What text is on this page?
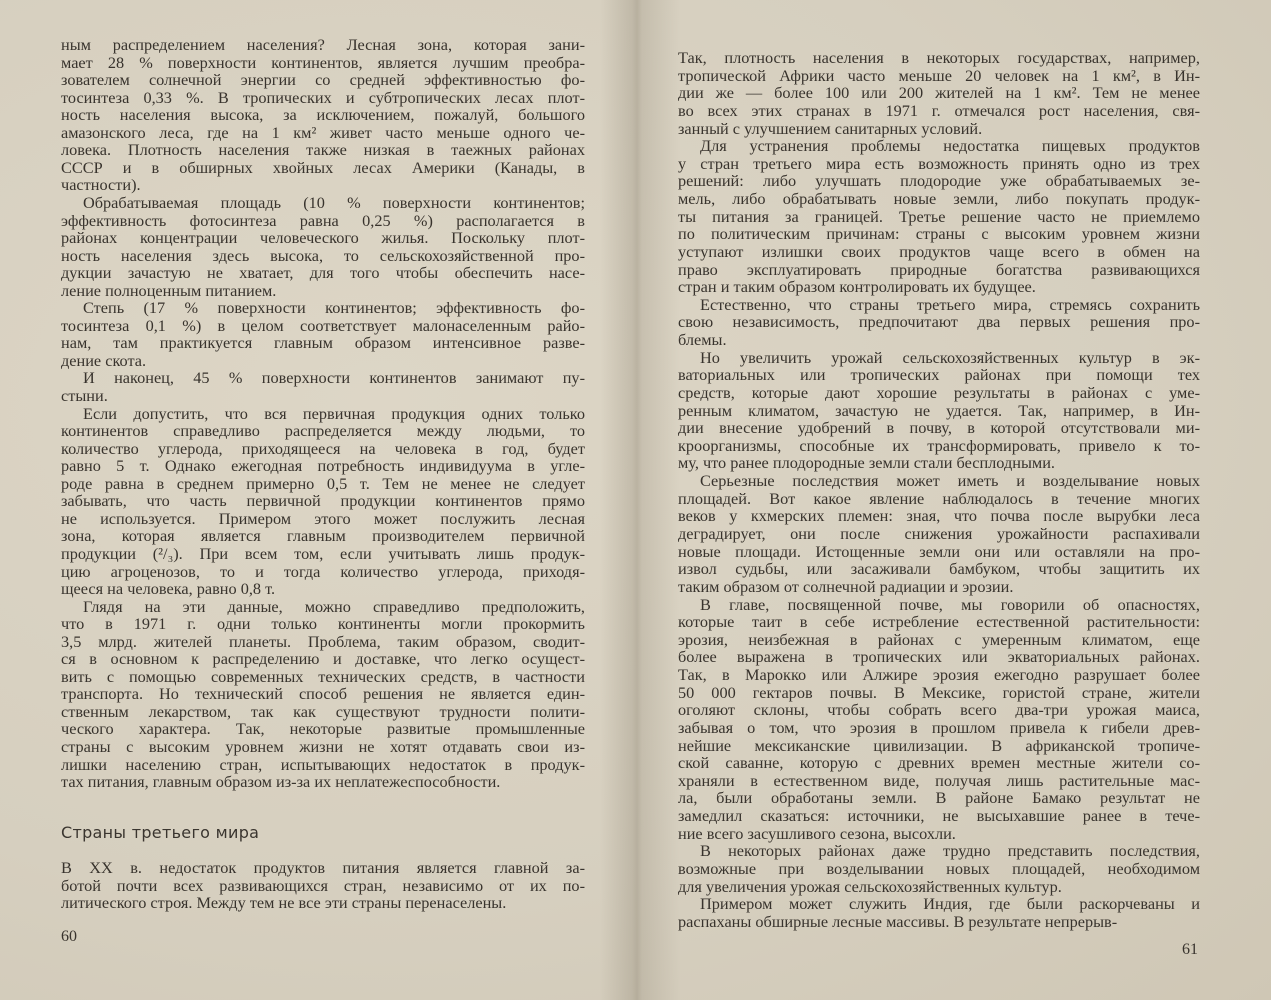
Страны третьего мира
60
ным распределением населения? Лесная зона, которая зани-
мает 28 % поверхности континентов, является лучшим преобра-
зователем солнечной энергии со средней эффективностью фо-
тосинтеза 0,33 %. В тропических и субтропических лесах плот-
ность населения высока, за исключением, пожалуй, большого
амазонского леса, где на 1 км² живет часто меньше одного че-
ловека. Плотность населения также низкая в таежных районах
СССР и в обширных хвойных лесах Америки (Канады, в
частности).
Обрабатываемая площадь (10 % поверхности континентов;
эффективность фотосинтеза равна 0,25 %) располагается в
районах концентрации человеческого жилья. Поскольку плот-
ность населения здесь высока, то сельскохозяйственной про-
дукции зачастую не хватает, для того чтобы обеспечить насе-
ление полноценным питанием.
Степь (17 % поверхности континентов; эффективность фо-
тосинтеза 0,1 %) в целом соответствует малонаселенным райо-
нам, там практикуется главным образом интенсивное разве-
дение скота.
И наконец, 45 % поверхности континентов занимают пу-
стыни.
Если допустить, что вся первичная продукция одних только
континентов справедливо распределяется между людьми, то
количество углерода, приходящееся на человека в год, будет
равно 5 т. Однако ежегодная потребность индивидуума в угле-
роде равна в среднем примерно 0,5 т. Тем не менее не следует
забывать, что часть первичной продукции континентов прямо
не используется. Примером этого может послужить лесная
зона, которая является главным производителем первичной
продукции (²/₃). При всем том, если учитывать лишь продук-
цию агроценозов, то и тогда количество углерода, приходя-
щееся на человека, равно 0,8 т.
Глядя на эти данные, можно справедливо предположить,
что в 1971 г. одни только континенты могли прокормить
3,5 млрд. жителей планеты. Проблема, таким образом, сводит-
ся в основном к распределению и доставке, что легко осущест-
вить с помощью современных технических средств, в частности
транспорта. Но технический способ решения не является един-
ственным лекарством, так как существуют трудности полити-
ческого характера. Так, некоторые развитые промышленные
страны с высоким уровнем жизни не хотят отдавать свои из-
лишки населению стран, испытывающих недостаток в продук-
тах питания, главным образом из-за их неплатежеспособности.
В XX в. недостаток продуктов питания является главной за-
ботой почти всех развивающихся стран, независимо от их по-
литического строя. Между тем не все эти страны перенаселены.
61
Так, плотность населения в некоторых государствах, например,
тропической Африки часто меньше 20 человек на 1 км², в Ин-
дии же — более 100 или 200 жителей на 1 км². Тем не менее
во всех этих странах в 1971 г. отмечался рост населения, свя-
занный с улучшением санитарных условий.
Для устранения проблемы недостатка пищевых продуктов
у стран третьего мира есть возможность принять одно из трех
решений: либо улучшать плодородие уже обрабатываемых зе-
мель, либо обрабатывать новые земли, либо покупать продук-
ты питания за границей. Третье решение часто не приемлемо
по политическим причинам: страны с высоким уровнем жизни
уступают излишки своих продуктов чаще всего в обмен на
право эксплуатировать природные богатства развивающихся
стран и таким образом контролировать их будущее.
Естественно, что страны третьего мира, стремясь сохранить
свою независимость, предпочитают два первых решения про-
блемы.
Но увеличить урожай сельскохозяйственных культур в эк-
ваториальных или тропических районах при помощи тех
средств, которые дают хорошие результаты в районах с уме-
ренным климатом, зачастую не удается. Так, например, в Ин-
дии внесение удобрений в почву, в которой отсутствовали ми-
кроорганизмы, способные их трансформировать, привело к то-
му, что ранее плодородные земли стали бесплодными.
Серьезные последствия может иметь и возделывание новых
площадей. Вот какое явление наблюдалось в течение многих
веков у кхмерских племен: зная, что почва после вырубки леса
деградирует, они после снижения урожайности распахивали
новые площади. Истощенные земли они или оставляли на про-
извол судьбы, или засаживали бамбуком, чтобы защитить их
таким образом от солнечной радиации и эрозии.
В главе, посвященной почве, мы говорили об опасностях,
которые таит в себе истребление естественной растительности:
эрозия, неизбежная в районах с умеренным климатом, еще
более выражена в тропических или экваториальных районах.
Так, в Марокко или Алжире эрозия ежегодно разрушает более
50 000 гектаров почвы. В Мексике, гористой стране, жители
оголяют склоны, чтобы собрать всего два-три урожая маиса,
забывая о том, что эрозия в прошлом привела к гибели древ-
нейшие мексиканские цивилизации. В африканской тропиче-
ской саванне, которую с древних времен местные жители со-
храняли в естественном виде, получая лишь растительные мас-
ла, были обработаны земли. В районе Бамако результат не
замедлил сказаться: источники, не высыхавшие ранее в тече-
ние всего засушливого сезона, высохли.
В некоторых районах даже трудно представить последствия,
возможные при возделывании новых площадей, необходимом
для увеличения урожая сельскохозяйственных культур.
Примером может служить Индия, где были раскорчеваны и
распаханы обширные лесные массивы. В результате непрерыв-
